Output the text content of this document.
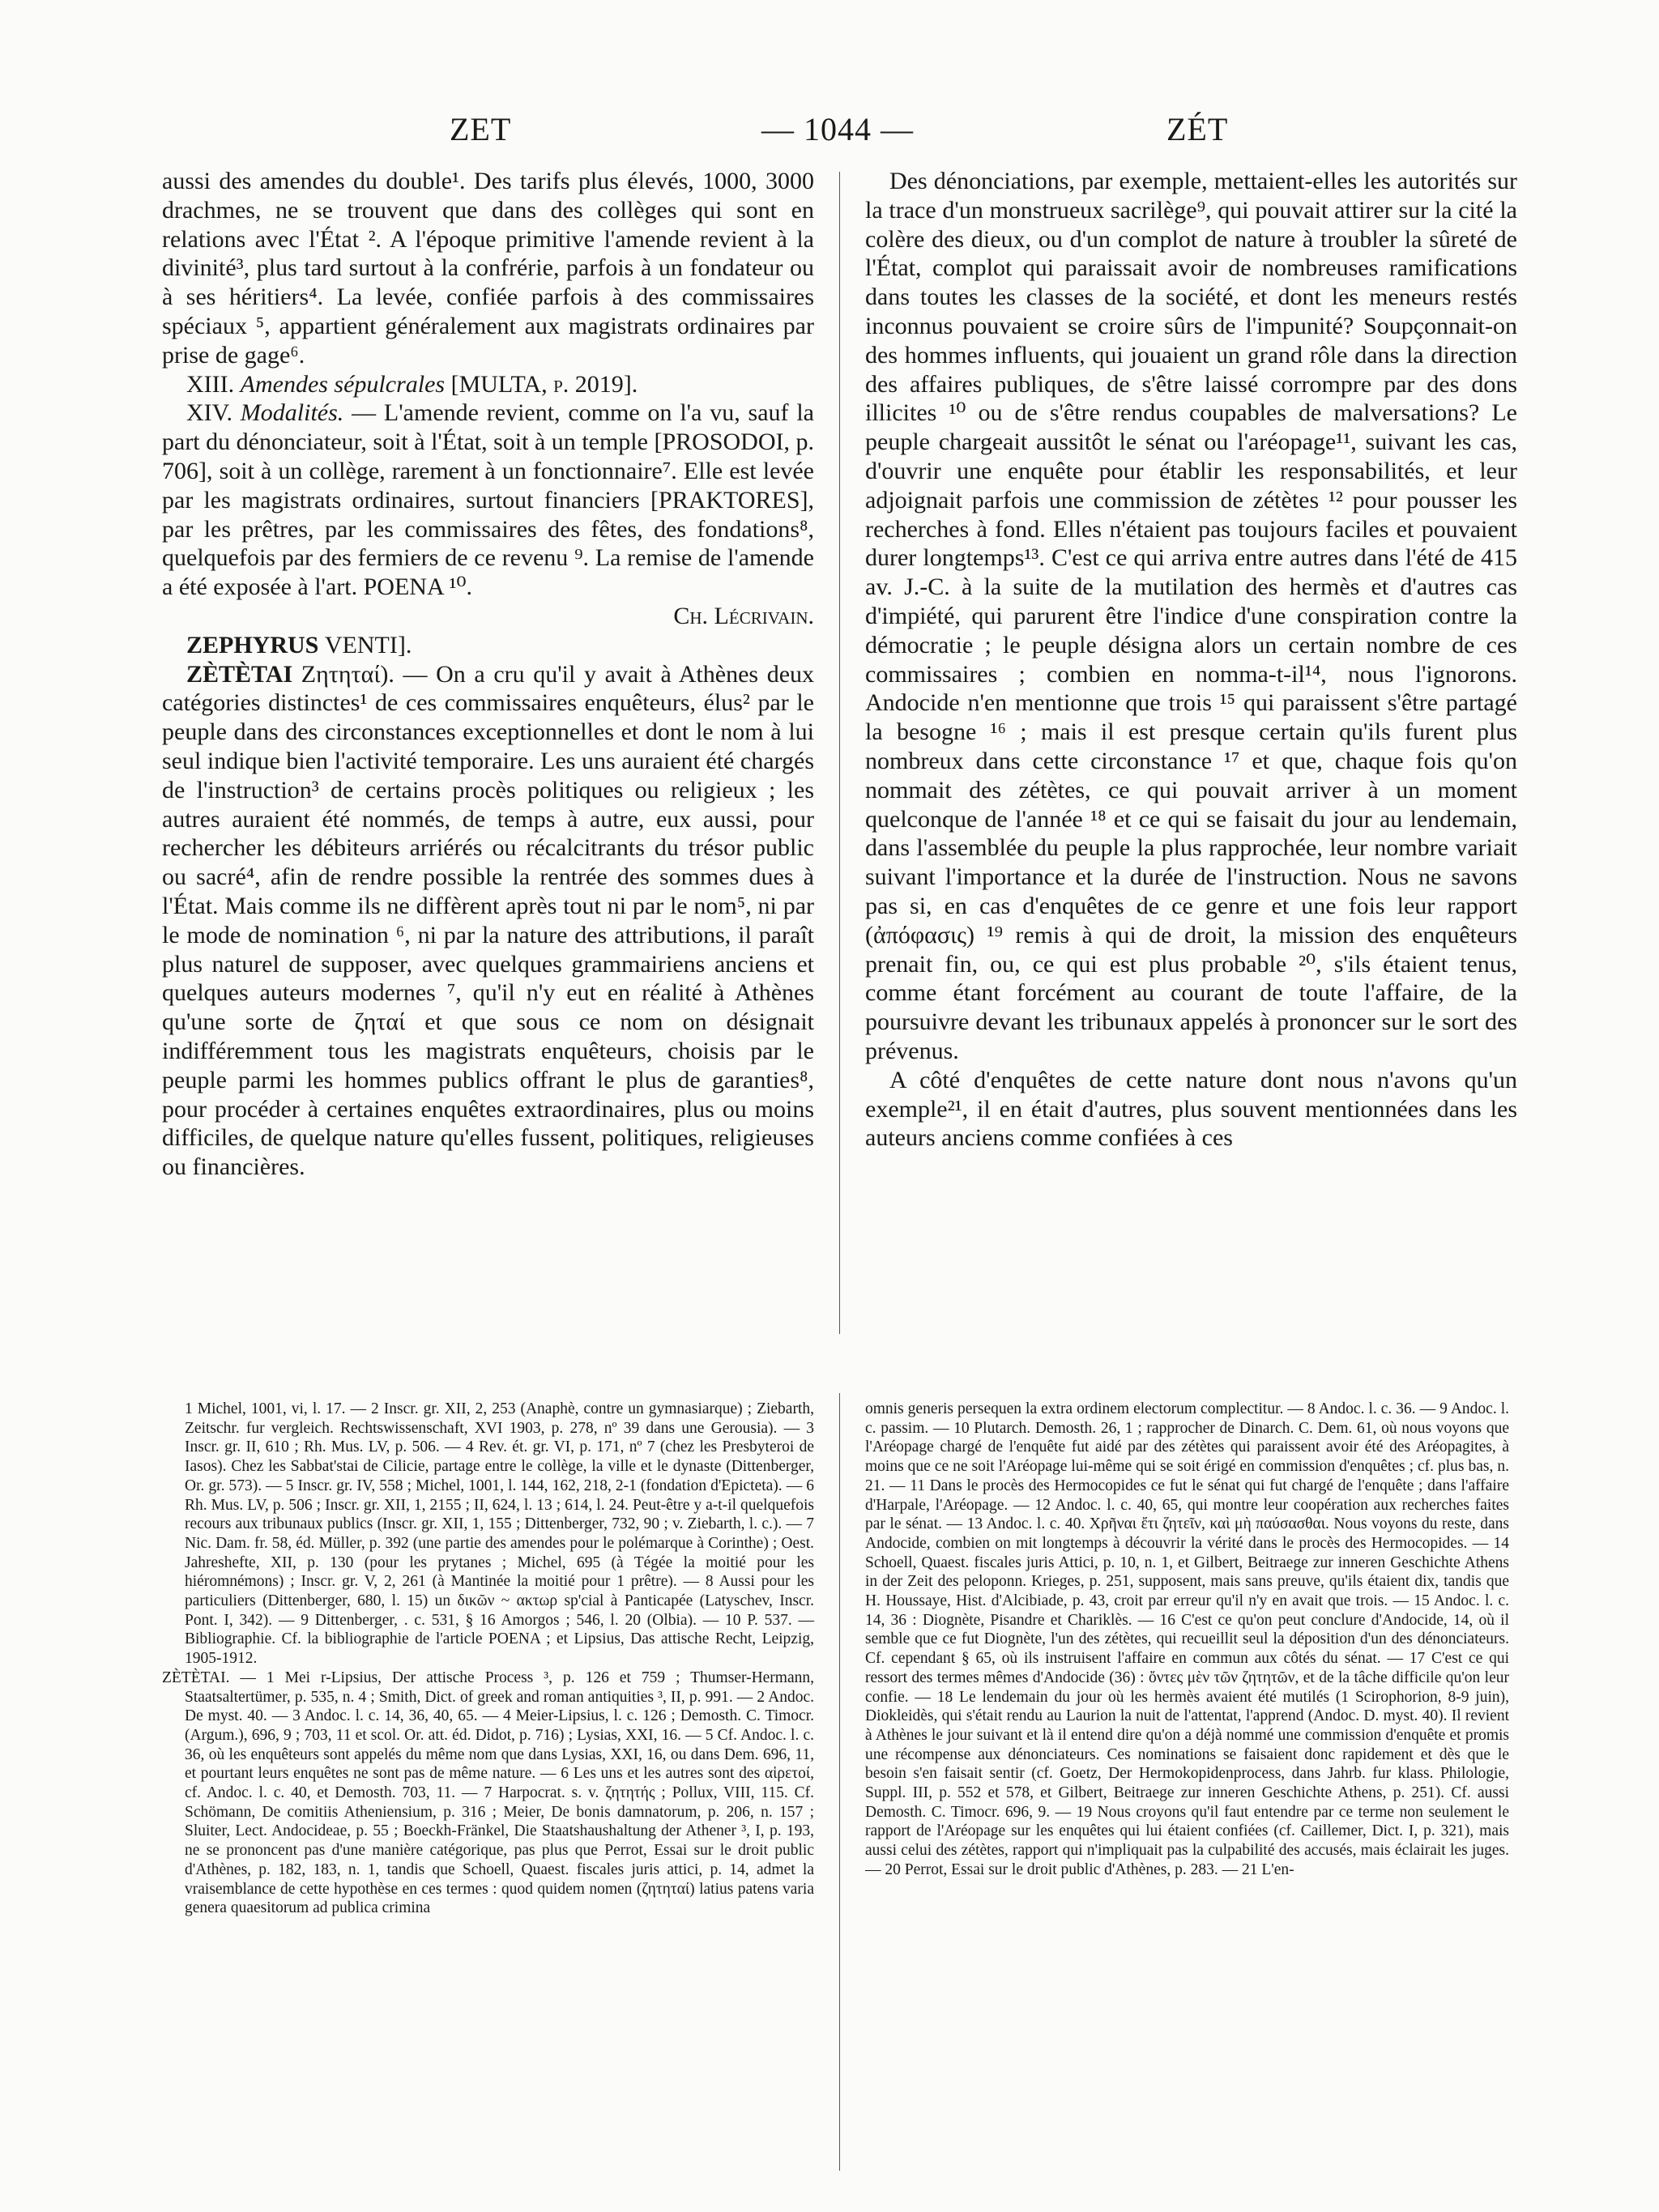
ZET	— 1044 —	ZÉT

aussi des amendes du double¹. Des tarifs plus élevés, 1000, 3000 drachmes, ne se trouvent que dans des collèges qui sont en relations avec l'État ². A l'époque primitive l'amende revient à la divinité³, plus tard surtout à la confrérie, parfois à un fondateur ou à ses héritiers⁴. La levée, confiée parfois à des commissaires spéciaux ⁵, appartient généralement aux magistrats ordinaires par prise de gage⁶.

XIII. Amendes sépulcrales [MULTA, p. 2019].

XIV. Modalités. — L'amende revient, comme on l'a vu, sauf la part du dénonciateur, soit à l'État, soit à un temple [PROSODOI, p. 706], soit à un collège, rarement à un fonctionnaire⁷. Elle est levée par les magistrats ordinaires, surtout financiers [PRAKTORES], par les prêtres, par les commissaires des fêtes, des fondations⁸, quelquefois par des fermiers de ce revenu ⁹. La remise de l'amende a été exposée à l'art. POENA ¹⁰.

Ch. Lécrivain.

ZEPHYRUS VENTI].

ZÈTÈTAI Ζητηταί). — On a cru qu'il y avait à Athènes deux catégories distinctes¹ de ces commissaires enquêteurs, élus² par le peuple dans des circonstances exceptionnelles et dont le nom à lui seul indique bien l'activité temporaire. Les uns auraient été chargés de l'instruction³ de certains procès politiques ou religieux ; les autres auraient été nommés, de temps à autre, eux aussi, pour rechercher les débiteurs arriérés ou récalcitrants du trésor public ou sacré⁴, afin de rendre possible la rentrée des sommes dues à l'État. Mais comme ils ne diffèrent après tout ni par le nom⁵, ni par le mode de nomination ⁶, ni par la nature des attributions, il paraît plus naturel de supposer, avec quelques grammairiens anciens et quelques auteurs modernes ⁷, qu'il n'y eut en réalité à Athènes qu'une sorte de ζηταί et que sous ce nom on désignait indifféremment tous les magistrats enquêteurs, choisis par le peuple parmi les hommes publics offrant le plus de garanties⁸, pour procéder à certaines enquêtes extraordinaires, plus ou moins difficiles, de quelque nature qu'elles fussent, politiques, religieuses ou financières.

Des dénonciations, par exemple, mettaient-elles les autorités sur la trace d'un monstrueux sacrilège⁹, qui pouvait attirer sur la cité la colère des dieux, ou d'un complot de nature à troubler la sûreté de l'État, complot qui paraissait avoir de nombreuses ramifications dans toutes les classes de la société, et dont les meneurs restés inconnus pouvaient se croire sûrs de l'impunité? Soupçonnait-on des hommes influents, qui jouaient un grand rôle dans la direction des affaires publiques, de s'être laissé corrompre par des dons illicites ¹⁰ ou de s'être rendus coupables de malversations? Le peuple chargeait aussitôt le sénat ou l'aréopage¹¹, suivant les cas, d'ouvrir une enquête pour établir les responsabilités, et leur adjoignait parfois une commission de zétètes ¹² pour pousser les recherches à fond. Elles n'étaient pas toujours faciles et pouvaient durer longtemps¹³. C'est ce qui arriva entre autres dans l'été de 415 av. J.-C. à la suite de la mutilation des hermès et d'autres cas d'impiété, qui parurent être l'indice d'une conspiration contre la démocratie ; le peuple désigna alors un certain nombre de ces commissaires ; combien en nomma-t-il¹⁴, nous l'ignorons. Andocide n'en mentionne que trois ¹⁵ qui paraissent s'être partagé la besogne ¹⁶ ; mais il est presque certain qu'ils furent plus nombreux dans cette circonstance ¹⁷ et que, chaque fois qu'on nommait des zétètes, ce qui pouvait arriver à un moment quelconque de l'année ¹⁸ et ce qui se faisait du jour au lendemain, dans l'assemblée du peuple la plus rapprochée, leur nombre variait suivant l'importance et la durée de l'instruction. Nous ne savons pas si, en cas d'enquêtes de ce genre et une fois leur rapport (ἀπόφασις) ¹⁹ remis à qui de droit, la mission des enquêteurs prenait fin, ou, ce qui est plus probable ²⁰, s'ils étaient tenus, comme étant forcément au courant de toute l'affaire, de la poursuivre devant les tribunaux appelés à prononcer sur le sort des prévenus.

A côté d'enquêtes de cette nature dont nous n'avons qu'un exemple²¹, il en était d'autres, plus souvent mentionnées dans les auteurs anciens comme confiées à ces

1 Michel, 1001, vi, l. 17. — 2 Inscr. gr. XII, 2, 253 (Anaphè, contre un gymnasiarque) ; Ziebarth, Zeitschr. fur vergleich. Rechtswissenschaft, XVI 1903, p. 278, nº 39 dans une Gerousia). — 3 Inscr. gr. II, 610 ; Rh. Mus. LV, p. 506. — 4 Rev. ét. gr. VI, p. 171, nº 7 (chez les Presbyteroi de Iasos). Chez les Sabbat'stai de Cilicie, partage entre le collège, la ville et le dynaste (Dittenberger, Or. gr. 573). — 5 Inscr. gr. IV, 558 ; Michel, 1001, l. 144, 162, 218, 2-1 (fondation d'Epicteta). — 6 Rh. Mus. LV, p. 506 ; Inscr. gr. XII, 1, 2155 ; II, 624, l. 13 ; 614, l. 24. Peut-être y a-t-il quelquefois recours aux tribunaux publics (Inscr. gr. XII, 1, 155 ; Dittenberger, 732, 90 ; v. Ziebarth, l. c.). — 7 Nic. Dam. fr. 58, éd. Müller, p. 392 (une partie des amendes pour le polémarque à Corinthe) ; Oest. Jahreshefte, XII, p. 130 (pour les prytanes ; Michel, 695 (à Tégée la moitié pour les hiéromnémons) ; Inscr. gr. V, 2, 261 (à Mantinée la moitié pour 1 prêtre). — 8 Aussi pour les particuliers (Dittenberger, 680, l. 15) un δικῶν ~ ακτωρ sp'cial à Panticapée (Latyschev, Inscr. Pont. I, 342). — 9 Dittenberger, . c. 531, § 16 Amorgos ; 546, l. 20 (Olbia). — 10 P. 537. — Bibliographie. Cf. la bibliographie de l'article POENA ; et Lipsius, Das attische Recht, Leipzig, 1905-1912.

ZÈTÈTAI. — 1 Mei r-Lipsius, Der attische Process ³, p. 126 et 759 ; Thumser-Hermann, Staatsaltertümer, p. 535, n. 4 ; Smith, Dict. of greek and roman antiquities ³, II, p. 991. — 2 Andoc. De myst. 40. — 3 Andoc. l. c. 14, 36, 40, 65. — 4 Meier-Lipsius, l. c. 126 ; Demosth. C. Timocr. (Argum.), 696, 9 ; 703, 11 et scol. Or. att. éd. Didot, p. 716) ; Lysias, XXI, 16. — 5 Cf. Andoc. l. c. 36, où les enquêteurs sont appelés du même nom que dans Lysias, XXI, 16, ou dans Dem. 696, 11, et pourtant leurs enquêtes ne sont pas de même nature. — 6 Les uns et les autres sont des αἱρετοί, cf. Andoc. l. c. 40, et Demosth. 703, 11. — 7 Harpocrat. s. v. ζητητής ; Pollux, VIII, 115. Cf. Schömann, De comitiis Atheniensium, p. 316 ; Meier, De bonis damnatorum, p. 206, n. 157 ; Sluiter, Lect. Andocideae, p. 55 ; Boeckh-Fränkel, Die Staatshaushaltung der Athener ³, I, p. 193, ne se prononcent pas d'une manière catégorique, pas plus que Perrot, Essai sur le droit public d'Athènes, p. 182, 183, n. 1, tandis que Schoell, Quaest. fiscales juris attici, p. 14, admet la vraisemblance de cette hypothèse en ces termes : quod quidem nomen (ζητηταί) latius patens varia genera quaesitorum ad publica crimina

omnis generis persequen la extra ordinem electorum complectitur. — 8 Andoc. l. c. 36. — 9 Andoc. l. c. passim. — 10 Plutarch. Demosth. 26, 1 ; rapprocher de Dinarch. C. Dem. 61, où nous voyons que l'Aréopage chargé de l'enquête fut aidé par des zétètes qui paraissent avoir été des Aréopagites, à moins que ce ne soit l'Aréopage lui-même qui se soit érigé en commission d'enquêtes ; cf. plus bas, n. 21. — 11 Dans le procès des Hermocopides ce fut le sénat qui fut chargé de l'enquête ; dans l'affaire d'Harpale, l'Aréopage. — 12 Andoc. l. c. 40, 65, qui montre leur coopération aux recherches faites par le sénat. — 13 Andoc. l. c. 40. Χρῆναι ἔτι ζητεῖν, καὶ μὴ παύσασθαι. Nous voyons du reste, dans Andocide, combien on mit longtemps à découvrir la vérité dans le procès des Hermocopides. — 14 Schoell, Quaest. fiscales juris Attici, p. 10, n. 1, et Gilbert, Beitraege zur inneren Geschichte Athens in der Zeit des peloponn. Krieges, p. 251, supposent, mais sans preuve, qu'ils étaient dix, tandis que H. Houssaye, Hist. d'Alcibiade, p. 43, croit par erreur qu'il n'y en avait que trois. — 15 Andoc. l. c. 14, 36 : Diognète, Pisandre et Chariklès. — 16 C'est ce qu'on peut conclure d'Andocide, 14, où il semble que ce fut Diognète, l'un des zétètes, qui recueillit seul la déposition d'un des dénonciateurs. Cf. cependant § 65, où ils instruisent l'affaire en commun aux côtés du sénat. — 17 C'est ce qui ressort des termes mêmes d'Andocide (36) : ὄντες μὲν τῶν ζητητῶν, et de la tâche difficile qu'on leur confie. — 18 Le lendemain du jour où les hermès avaient été mutilés (1 Scirophorion, 8-9 juin), Diokleidès, qui s'était rendu au Laurion la nuit de l'attentat, l'apprend (Andoc. D. myst. 40). Il revient à Athènes le jour suivant et là il entend dire qu'on a déjà nommé une commission d'enquête et promis une récompense aux dénonciateurs. Ces nominations se faisaient donc rapidement et dès que le besoin s'en faisait sentir (cf. Goetz, Der Hermokopidenprocess, dans Jahrb. fur klass. Philologie, Suppl. III, p. 552 et 578, et Gilbert, Beitraege zur inneren Geschichte Athens, p. 251). Cf. aussi Demosth. C. Timocr. 696, 9. — 19 Nous croyons qu'il faut entendre par ce terme non seulement le rapport de l'Aréopage sur les enquêtes qui lui étaient confiées (cf. Caillemer, Dict. I, p. 321), mais aussi celui des zétètes, rapport qui n'impliquait pas la culpabilité des accusés, mais éclairait les juges. — 20 Perrot, Essai sur le droit public d'Athènes, p. 283. — 21 L'en-
